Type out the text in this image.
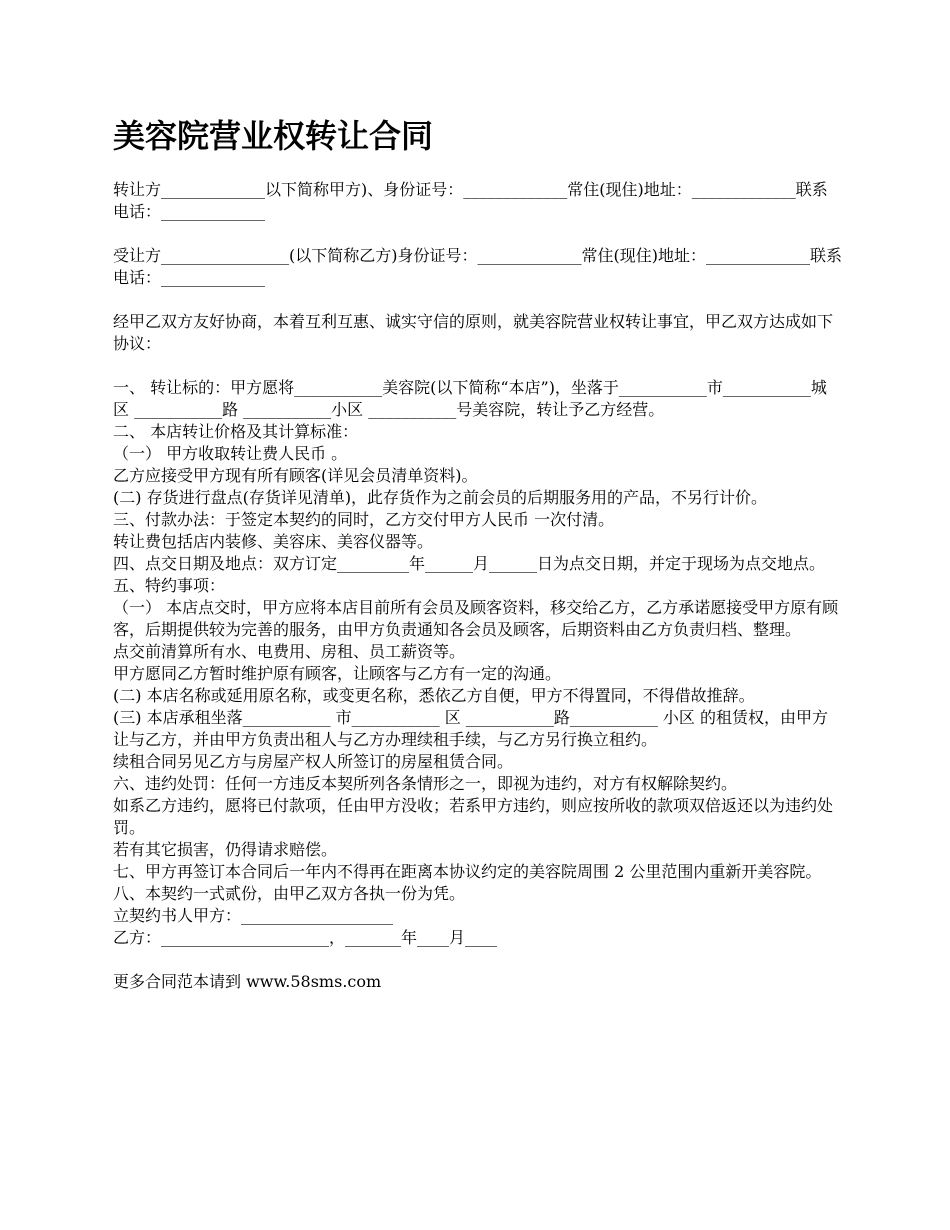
美容院营业权转让合同

转让方_____________以下简称甲方)、身份证号：_____________常住(现住)地址：_____________联系电话：_____________

受让方________________(以下简称乙方)身份证号：_____________常住(现住)地址：_____________联系电话：_____________

经甲乙双方友好协商，本着互利互惠、诚实守信的原则，就美容院营业权转让事宜，甲乙双方达成如下协议：

一、 转让标的：甲方愿将___________美容院(以下简称“本店”)，坐落于___________市___________城 区 ___________路 ___________小区 ___________号美容院，转让予乙方经营。

二、 本店转让价格及其计算标准：

（一） 甲方收取转让费人民币 。

乙方应接受甲方现有所有顾客(详见会员清单资料)。

(二) 存货进行盘点(存货详见清单)，此存货作为之前会员的后期服务用的产品，不另行计价。

三、付款办法：于签定本契约的同时，乙方交付甲方人民币 一次付清。

转让费包括店内装修、美容床、美容仪器等。

四、点交日期及地点：双方订定_________年______月______日为点交日期，并定于现场为点交地点。

五、特约事项：

（一） 本店点交时，甲方应将本店目前所有会员及顾客资料，移交给乙方，乙方承诺愿接受甲方原有顾客，后期提供较为完善的服务，由甲方负责通知各会员及顾客，后期资料由乙方负责归档、整理。

点交前清算所有水、电费用、房租、员工薪资等。

甲方愿同乙方暂时维护原有顾客，让顾客与乙方有一定的沟通。

(二) 本店名称或延用原名称，或变更名称，悉依乙方自便，甲方不得置同，不得借故推辞。

(三) 本店承租坐落___________ 市___________ 区 ___________路___________ 小区 的租赁权，由甲方让与乙方，并由甲方负责出租人与乙方办理续租手续，与乙方另行换立租约。

续租合同另见乙方与房屋产权人所签订的房屋租赁合同。

六、违约处罚：任何一方违反本契所列各条情形之一，即视为违约，对方有权解除契约。

如系乙方违约，愿将已付款项，任由甲方没收；若系甲方违约，则应按所收的款项双倍返还以为违约处罚。

若有其它损害，仍得请求赔偿。

七、甲方再签订本合同后一年内不得再在距离本协议约定的美容院周围 2 公里范围内重新开美容院。

八、本契约一式贰份，由甲乙双方各执一份为凭。

立契约书人甲方：___________________

乙方：_____________________，_______年____月____

更多合同范本请到 www.58sms.com
